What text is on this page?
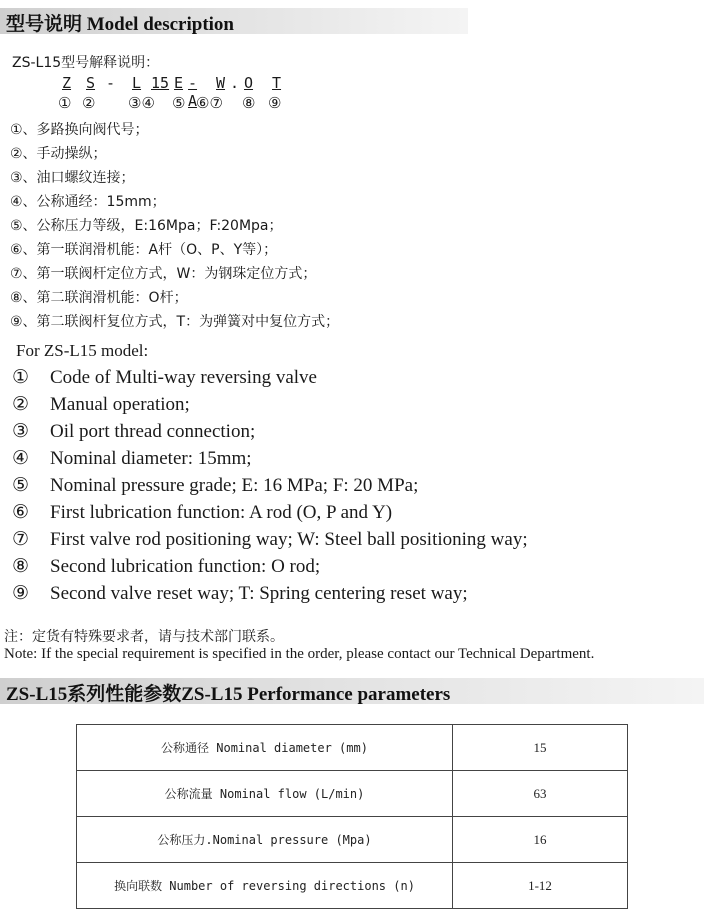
型号说明 Model description
ZS-L15型号解释说明：
Z S - L 15 E -A
W . O T
① ② ③④ ⑤ ⑥⑦ ⑧ ⑨
①、多路换向阀代号；
②、手动操纵；
③、油口螺纹连接；
④、公称通经：15mm；
⑤、公称压力等级，E:16Mpa；F:20Mpa；
⑥、第一联润滑机能：A杆（O、P、Y等）；
⑦、第一联阀杆定位方式，W：为钢珠定位方式；
⑧、第二联润滑机能：O杆；
⑨、第二联阀杆复位方式，T：为弹簧对中复位方式；
For ZS-L15 model:
① Code of Multi-way reversing valve
② Manual operation;
③ Oil port thread connection;
④ Nominal diameter: 15mm;
⑤ Nominal pressure grade; E: 16 MPa; F: 20 MPa;
⑥ First lubrication function: A rod (O, P and Y)
⑦ First valve rod positioning way; W: Steel ball positioning way;
⑧ Second lubrication function: O rod;
⑨ Second valve reset way; T: Spring centering reset way;
注：定货有特殊要求者，请与技术部门联系。
Note: If the special requirement is specified in the order, please contact our Technical Department.
ZS-L15系列性能参数ZS-L15 Performance parameters
公称通径 Nominal diameter (mm)	15
公称流量 Nominal flow (L/min)	63
公称压力.Nominal pressure (Mpa)	16
换向联数 Number of reversing directions (n)	1-12
